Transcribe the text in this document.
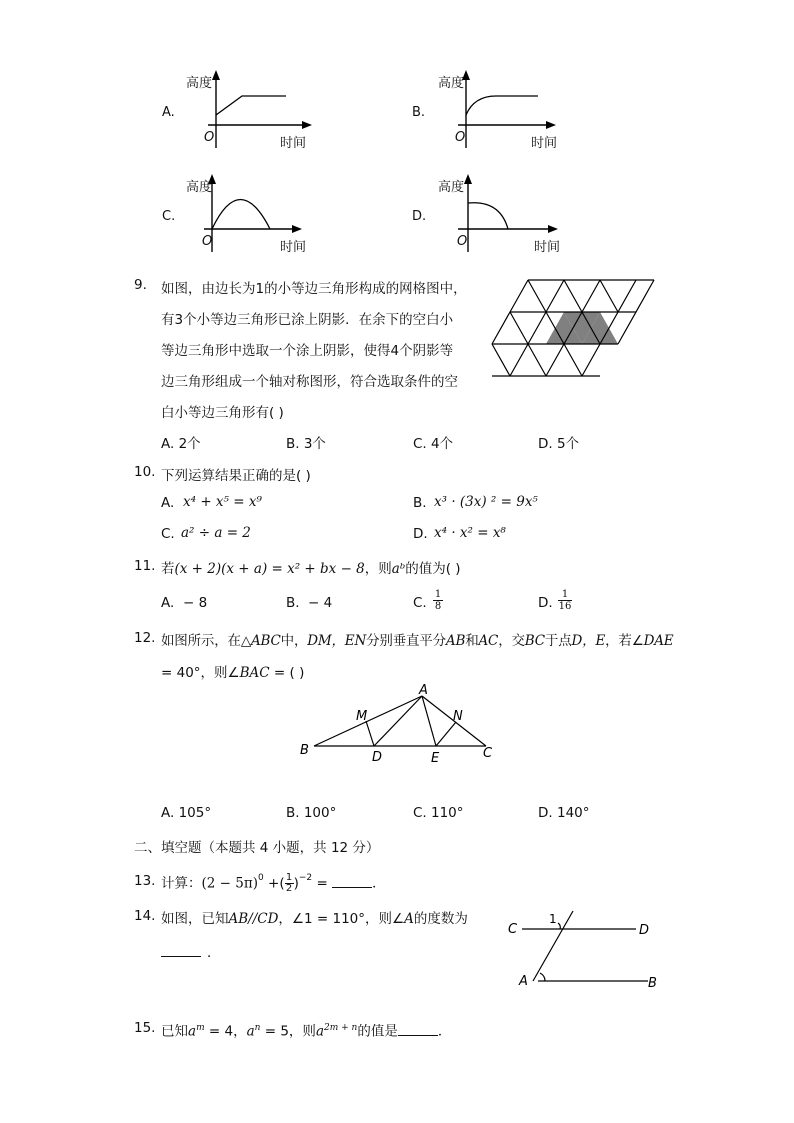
A.
高度
O	时间
B.
高度
O	时间
C.
高度
O	时间
D.
高度
O	时间
9. 如图，由边长为1的小等边三角形构成的网格图中，
有3个小等边三角形已涂上阴影．在余下的空白小
等边三角形中选取一个涂上阴影，使得4个阴影等
边三角形组成一个轴对称图形，符合选取条件的空
白小等边三角形有( )
A. 2个	B. 3个	C. 4个	D. 5个
10. 下列运算结果正确的是( )
A. x⁴ + x⁵ = x⁹	B. x³ · (3x) ² = 9x⁵
C. a² ÷ a = 2	D. x⁴ · x² = x⁸
11. 若(x + 2)(x + a) = x² + bx − 8，则aᵇ的值为( )
A. − 8	B. − 4	C. $\frac{1}{8}$	D. $\frac{1}{16}$
12. 如图所示，在△ABC中，DM，EN分别垂直平分AB和AC，交BC于点D，E，若∠DAE
= 40°，则∠BAC = ( )
A
B	C
D	E
M	N
A. 105°	B. 100°	C. 110°	D. 140°
二、填空题（本题共 4 小题，共 12 分）
13. 计算：$(2 - 5\pi)^0$ +( $\frac{1}{2} )^{-2}$ =	．
14. 如图，已知AB//CD，∠1 = 110°，则∠A的度数为
．
C	D
A	B
1
15. 已知$a^m = 4$，$a^n = 5$，则$a^{2m + n}$的值是	．
